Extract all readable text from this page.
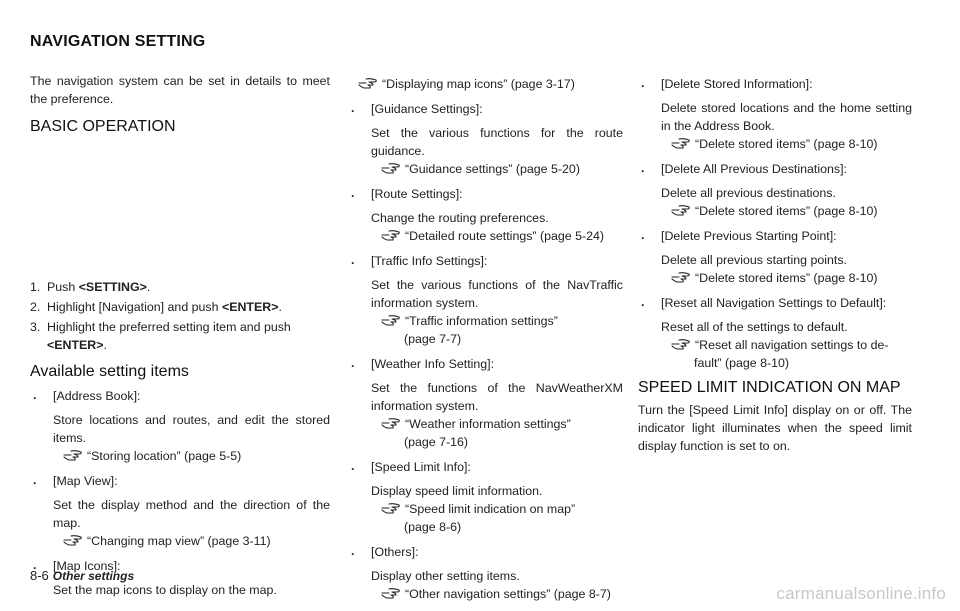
NAVIGATION SETTING

The navigation system can be set in details to meet the preference.

BASIC OPERATION
1. Push <SETTING>.
2. Highlight [Navigation] and push <ENTER>.
3. Highlight the preferred setting item and push <ENTER>.
Available setting items
. [Address Book]:
Store locations and routes, and edit the stored items.
“Storing location” (page 5-5)
. [Map View]:
Set the display method and the direction of the map.
“Changing map view” (page 3-11)
. [Map Icons]:
Set the map icons to display on the map.
“Displaying map icons” (page 3-17)
. [Guidance Settings]:
Set the various functions for the route guidance.
“Guidance settings” (page 5-20)
. [Route Settings]:
Change the routing preferences.
“Detailed route settings” (page 5-24)
. [Traffic Info Settings]:
Set the various functions of the NavTraffic information system.
“Traffic information settings”
(page 7-7)
. [Weather Info Setting]:
Set the functions of the NavWeatherXM information system.
“Weather information settings”
(page 7-16)
. [Speed Limit Info]:
Display speed limit information.
“Speed limit indication on map”
(page 8-6)
. [Others]:
Display other setting items.
“Other navigation settings” (page 8-7)
. [Delete Stored Information]:
Delete stored locations and the home setting in the Address Book.
“Delete stored items” (page 8-10)
. [Delete All Previous Destinations]:
Delete all previous destinations.
“Delete stored items” (page 8-10)
. [Delete Previous Starting Point]:
Delete all previous starting points.
“Delete stored items” (page 8-10)
. [Reset all Navigation Settings to Default]:
Reset all of the settings to default.
“Reset all navigation settings to de-
fault” (page 8-10)
SPEED LIMIT INDICATION ON MAP

Turn the [Speed Limit Info] display on or off. The indicator light illuminates when the speed limit display function is set to on.

8-6 Other settings
carmanualsonline.info
